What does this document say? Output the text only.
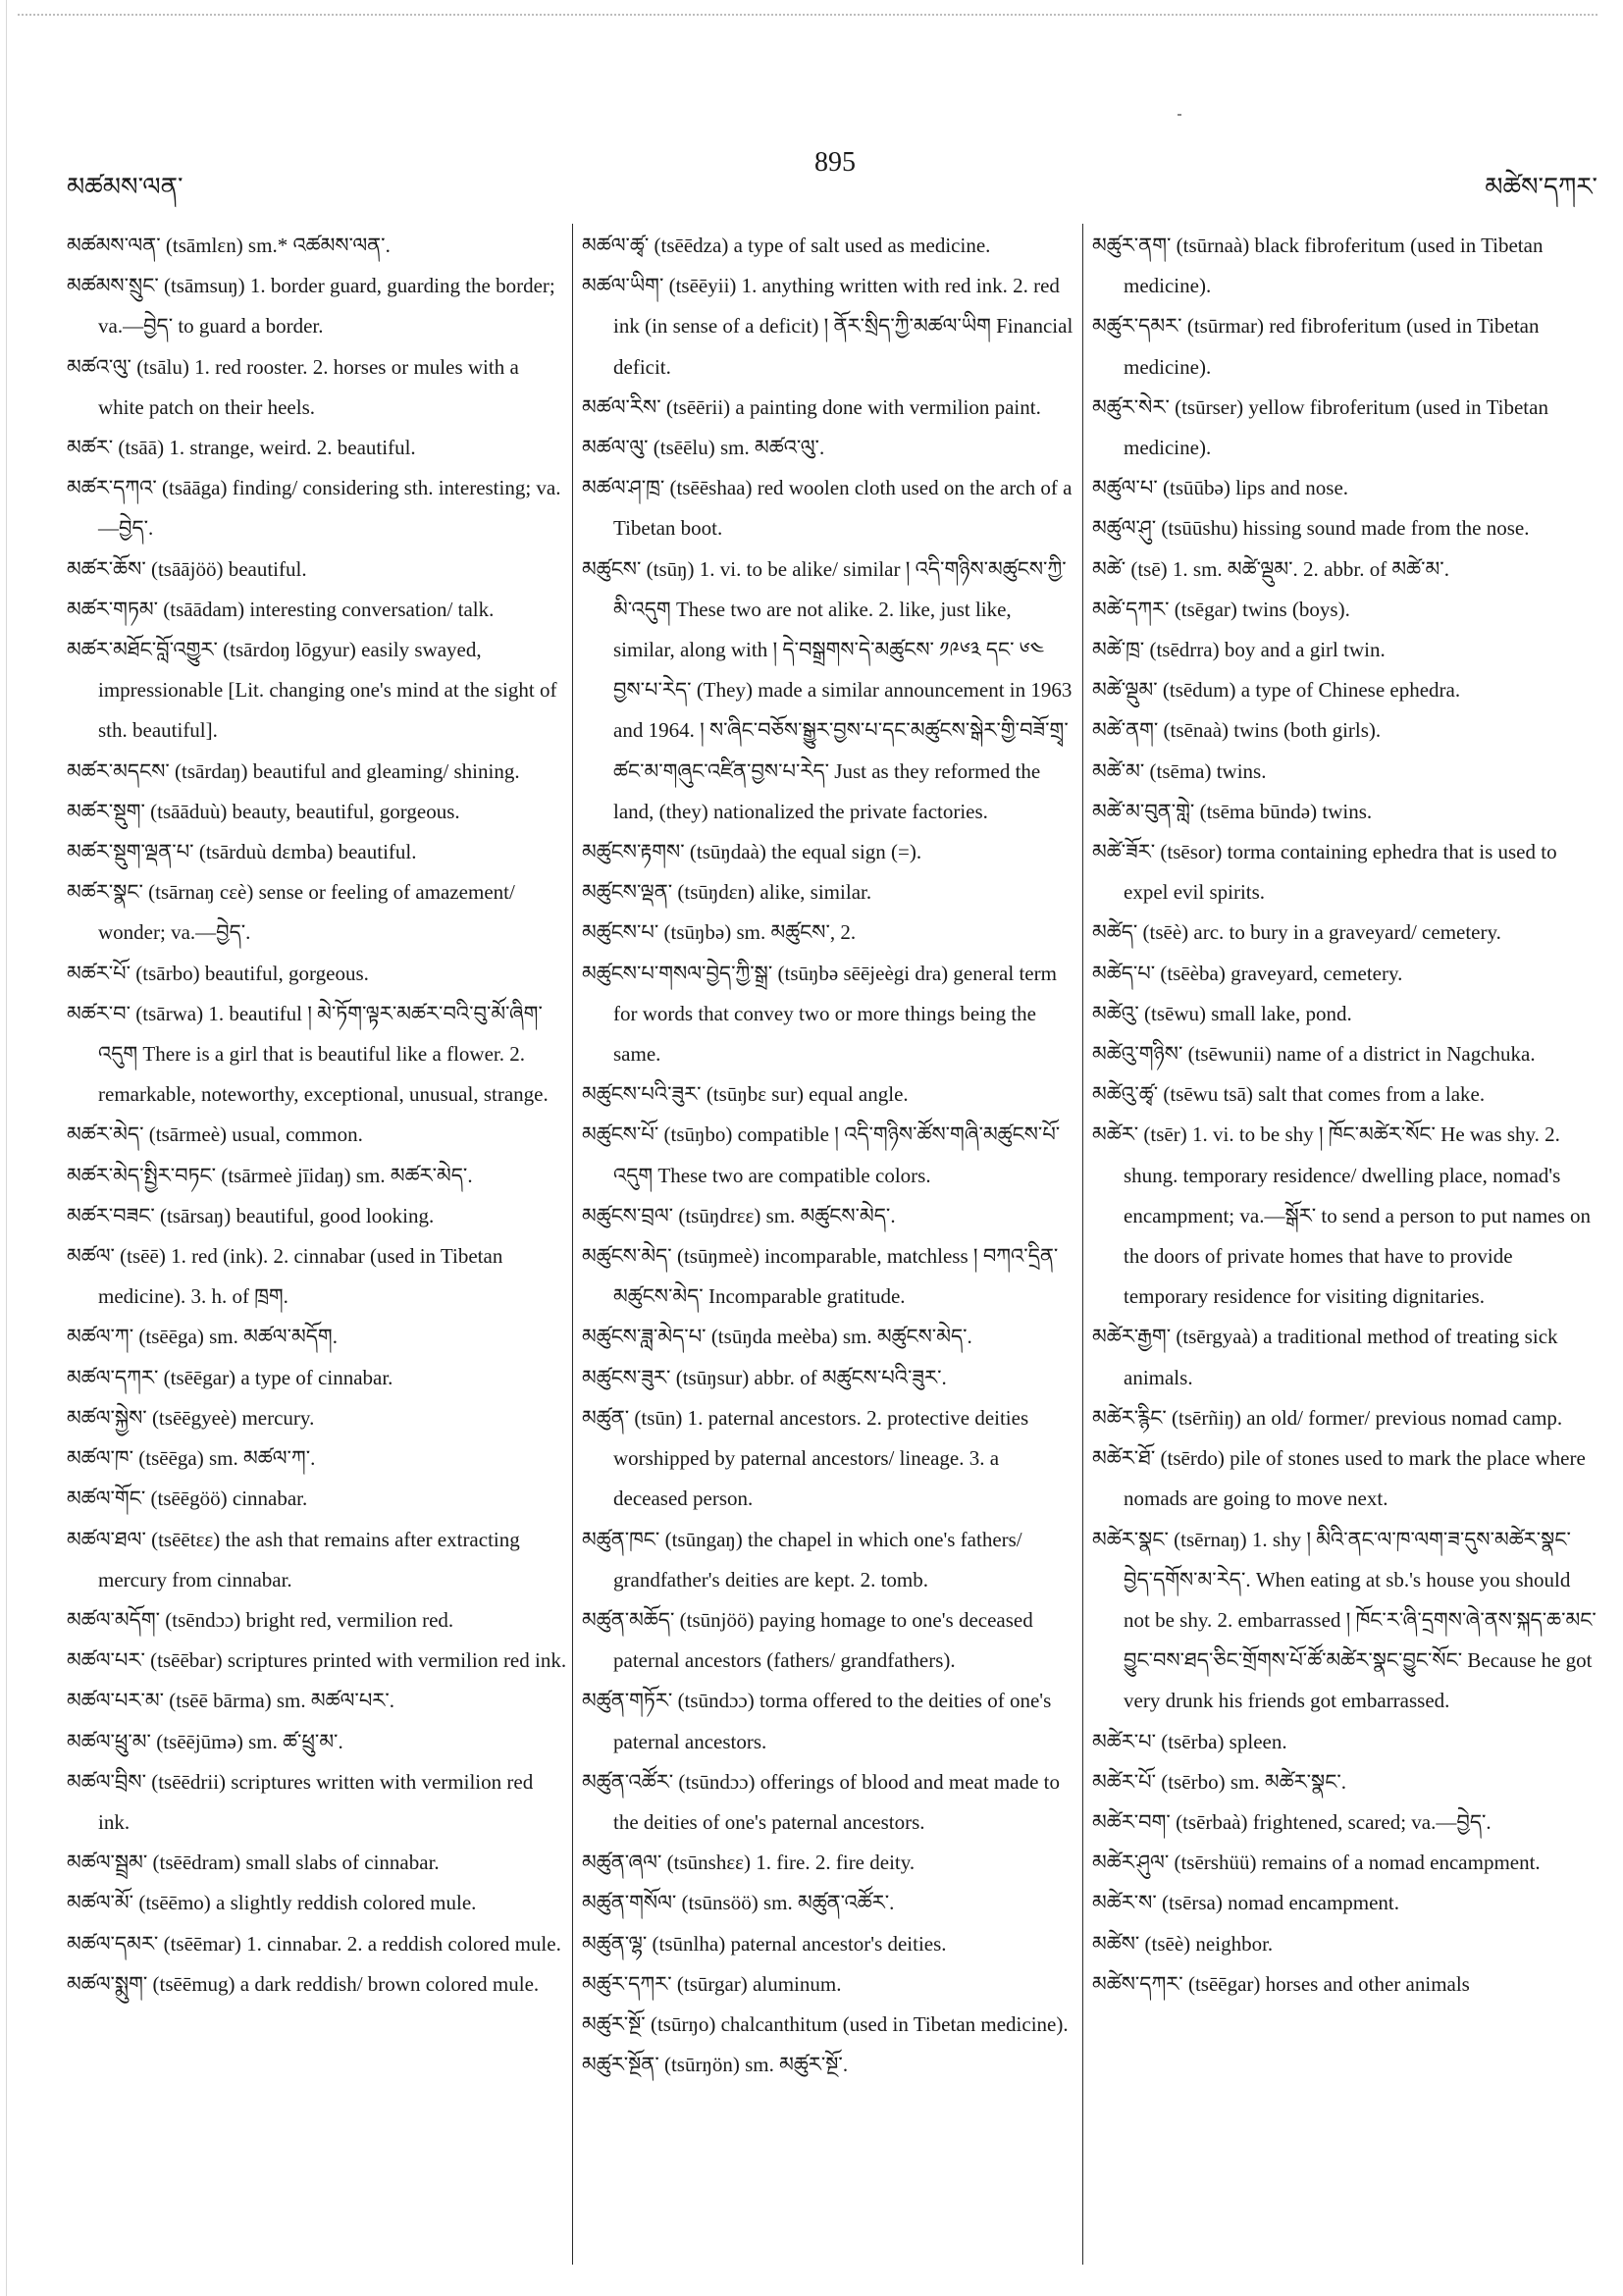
མཚམས་ལན་
895
མཚེས་དཀར་

མཚམས་ལན་ (tsāmlɛn) sm.* འཚམས་ལན་.

མཚམས་སྲུང་ (tsāmsuŋ) 1. border guard, guarding the border; va.—བྱེད་ to guard a border.

མཚའ་ལུ་ (tsālu) 1. red rooster. 2. horses or mules with a white patch on their heels.

མཚར་ (tsāā) 1. strange, weird. 2. beautiful.

མཚར་དཀའ་ (tsāāga) finding/ considering sth. interesting; va.—བྱེད་.

མཚར་ཆོས་ (tsāājöö) beautiful.

མཚར་གཏམ་ (tsāādam) interesting conversation/ talk.

མཚར་མཐོང་བློ་འགྱུར་ (tsārdoŋ lōgyur) easily swayed, impressionable [Lit. changing one's mind at the sight of sth. beautiful].

མཚར་མདངས་ (tsārdaŋ) beautiful and gleaming/ shining.

མཚར་སྡུག་ (tsāāduù) beauty, beautiful, gorgeous.

མཚར་སྡུག་ལྡན་པ་ (tsārduù dɛmba) beautiful.

མཚར་སྣང་ (tsārnaŋ cɛè) sense or feeling of amazement/ wonder; va.—བྱེད་.

མཚར་པོ་ (tsārbo) beautiful, gorgeous.

མཚར་བ་ (tsārwa) 1. beautiful ། མེ་ཏོག་ལྟར་མཚར་བའི་བུ་མོ་ཞིག་འདུག There is a girl that is beautiful like a flower. 2. remarkable, noteworthy, exceptional, unusual, strange.

མཚར་མེད་ (tsārmeè) usual, common.

མཚར་མེད་སྤྱིར་བཏང་ (tsārmeè jīidaŋ) sm. མཚར་མེད་.

མཚར་བཟང་ (tsārsaŋ) beautiful, good looking.

མཚལ་ (tsēē) 1. red (ink). 2. cinnabar (used in Tibetan medicine). 3. h. of ཁྲག.

མཚལ་ཀ་ (tsēēga) sm. མཚལ་མདོག.

མཚལ་དཀར་ (tsēēgar) a type of cinnabar.

མཚལ་སྐྱེས་ (tsēēgyeè) mercury.

མཚལ་ཁ་ (tsēēga) sm. མཚལ་ཀ་.

མཚལ་གོང་ (tsēēgöö) cinnabar.

མཚལ་ཐལ་ (tsēētɛɛ) the ash that remains after extracting mercury from cinnabar.

མཚལ་མདོག་ (tsēndɔɔ) bright red, vermilion red.

མཚལ་པར་ (tsēēbar) scriptures printed with vermilion red ink.

མཚལ་པར་མ་ (tsēē bārma) sm. མཚལ་པར་.

མཚལ་ཕྲུ་མ་ (tsēējūmə) sm. ཚ་ཕྲུ་མ་.

མཚལ་བྲིས་ (tsēēdrii) scriptures written with vermilion red ink.

མཚལ་སྦྲམ་ (tsēēdram) small slabs of cinnabar.

མཚལ་མོ་ (tsēēmo) a slightly reddish colored mule.

མཚལ་དམར་ (tsēēmar) 1. cinnabar. 2. a reddish colored mule.

མཚལ་སྨུག་ (tsēēmug) a dark reddish/ brown colored mule.

མཚལ་ཚྭ་ (tsēēdza) a type of salt used as medicine.

མཚལ་ཡིག་ (tsēēyii) 1. anything written with red ink. 2. red ink (in sense of a deficit) ། ནོར་སྲིད་ཀྱི་མཚལ་ཡིག Financial deficit.

མཚལ་རིས་ (tsēērii) a painting done with vermilion paint.

མཚལ་ལུ་ (tsēēlu) sm. མཚའ་ལུ་.

མཚལ་ཤ་ཁྲ་ (tsēēshaa) red woolen cloth used on the arch of a Tibetan boot.

མཚུངས་ (tsūŋ) 1. vi. to be alike/ similar ། འདི་གཉིས་མཚུངས་ཀྱི་མི་འདུག These two are not alike. 2. like, just like, similar, along with ། དེ་བསྒྲགས་དེ་མཚུངས་ ༡༩༦༣ དང་ ༦༤ བྱས་པ་རེད་ (They) made a similar announcement in 1963 and 1964. ། ས་ཞིང་བཅོས་སྒྱུར་བྱས་པ་དང་མཚུངས་སྒེར་གྱི་བཟོ་གྲྭ་ཚང་མ་གཞུང་འཛིན་བྱས་པ་རེད་ Just as they reformed the land, (they) nationalized the private factories.

མཚུངས་རྟགས་ (tsūŋdaà) the equal sign (=).

མཚུངས་ལྡན་ (tsūŋdɛn) alike, similar.

མཚུངས་པ་ (tsūŋbə) sm. མཚུངས་, 2.

མཚུངས་པ་གསལ་བྱེད་ཀྱི་སྒྲ་ (tsūŋbə sēējeègi dra) general term for words that convey two or more things being the same.

མཚུངས་པའི་ཟུར་ (tsūŋbɛ sur) equal angle.

མཚུངས་པོ་ (tsūŋbo) compatible ། འདི་གཉིས་ཚོས་གཞི་མཚུངས་པོ་འདུག These two are compatible colors.

མཚུངས་བྲལ་ (tsūŋdrɛɛ) sm. མཚུངས་མེད་.

མཚུངས་མེད་ (tsūŋmeè) incomparable, matchless ། བཀའ་དྲིན་མཚུངས་མེད་ Incomparable gratitude.

མཚུངས་ཟླ་མེད་པ་ (tsūŋda meèba) sm. མཚུངས་མེད་.

མཚུངས་ཟུར་ (tsūŋsur) abbr. of མཚུངས་པའི་ཟུར་.

མཚུན་ (tsūn) 1. paternal ancestors. 2. protective deities worshipped by paternal ancestors/ lineage. 3. a deceased person.

མཚུན་ཁང་ (tsūngaŋ) the chapel in which one's fathers/ grandfather's deities are kept. 2. tomb.

མཚུན་མཆོད་ (tsūnjöö) paying homage to one's deceased paternal ancestors (fathers/ grandfathers).

མཚུན་གཏོར་ (tsūndɔɔ) torma offered to the deities of one's paternal ancestors.

མཚུན་འཚོར་ (tsūndɔɔ) offerings of blood and meat made to the deities of one's paternal ancestors.

མཚུན་ཞལ་ (tsūnshɛɛ) 1. fire. 2. fire deity.

མཚུན་གསོལ་ (tsūnsöö) sm. མཚུན་འཚོར་.

མཚུན་ལྷ་ (tsūnlha) paternal ancestor's deities.

མཚུར་དཀར་ (tsūrgar) aluminum.

མཚུར་སྔོ་ (tsūrŋo) chalcanthitum (used in Tibetan medicine).

མཚུར་སྔོན་ (tsūrŋön) sm. མཚུར་སྔོ་.

མཚུར་ནག་ (tsūrnaà) black fibroferitum (used in Tibetan medicine).

མཚུར་དམར་ (tsūrmar) red fibroferitum (used in Tibetan medicine).

མཚུར་སེར་ (tsūrser) yellow fibroferitum (used in Tibetan medicine).

མཚུལ་པ་ (tsūūbə) lips and nose.

མཚུལ་ཤུ་ (tsūūshu) hissing sound made from the nose.

མཚེ་ (tsē) 1. sm. མཚེ་ལྡུམ་. 2. abbr. of མཚེ་མ་.

མཚེ་དཀར་ (tsēgar) twins (boys).

མཚེ་ཁྲ་ (tsēdrra) boy and a girl twin.

མཚེ་ལྡུམ་ (tsēdum) a type of Chinese ephedra.

མཚེ་ནག་ (tsēnaà) twins (both girls).

མཚེ་མ་ (tsēma) twins.

མཚེ་མ་བུན་གླེ་ (tsēma būndə) twins.

མཚེ་ཟོར་ (tsēsor) torma containing ephedra that is used to expel evil spirits.

མཚེད་ (tsēè) arc. to bury in a graveyard/ cemetery.

མཚེད་པ་ (tsēèba) graveyard, cemetery.

མཚེའུ་ (tsēwu) small lake, pond.

མཚེའུ་གཉིས་ (tsēwunii) name of a district in Nagchuka.

མཚེའུ་ཚྭ་ (tsēwu tsā) salt that comes from a lake.

མཚེར་ (tsēr) 1. vi. to be shy ། ཁོང་མཚེར་སོང་ He was shy. 2. shung. temporary residence/ dwelling place, nomad's encampment; va.—སྒོར་ to send a person to put names on the doors of private homes that have to provide temporary residence for visiting dignitaries.

མཚེར་རྒྱག་ (tsērgyaà) a traditional method of treating sick animals.

མཚེར་རྙིང་ (tsērñiŋ) an old/ former/ previous nomad camp.

མཚེར་ཐོ་ (tsērdo) pile of stones used to mark the place where nomads are going to move next.

མཚེར་སྣང་ (tsērnaŋ) 1. shy ། མིའི་ནང་ལ་ཁ་ལག་ཟ་དུས་མཚེར་སྣང་བྱེད་དགོས་མ་རེད་. When eating at sb.'s house you should not be shy. 2. embarrassed ། ཁོང་ར་ཞི་དྲགས་ཞེ་ནས་སྐད་ཆ་མང་བྱུང་བས་ཐད་ཅིང་གྲོགས་པོ་ཚོ་མཚེར་སྣང་བྱུང་སོང་ Because he got very drunk his friends got embarrassed.

མཚེར་པ་ (tsērba) spleen.

མཚེར་པོ་ (tsērbo) sm. མཚེར་སྣང་.

མཚེར་བག་ (tsērbaà) frightened, scared; va.—བྱེད་.

མཚེར་ཤུལ་ (tsērshüü) remains of a nomad encampment.

མཚེར་ས་ (tsērsa) nomad encampment.

མཚེས་ (tsēè) neighbor.

མཚེས་དཀར་ (tsēēgar) horses and other animals
